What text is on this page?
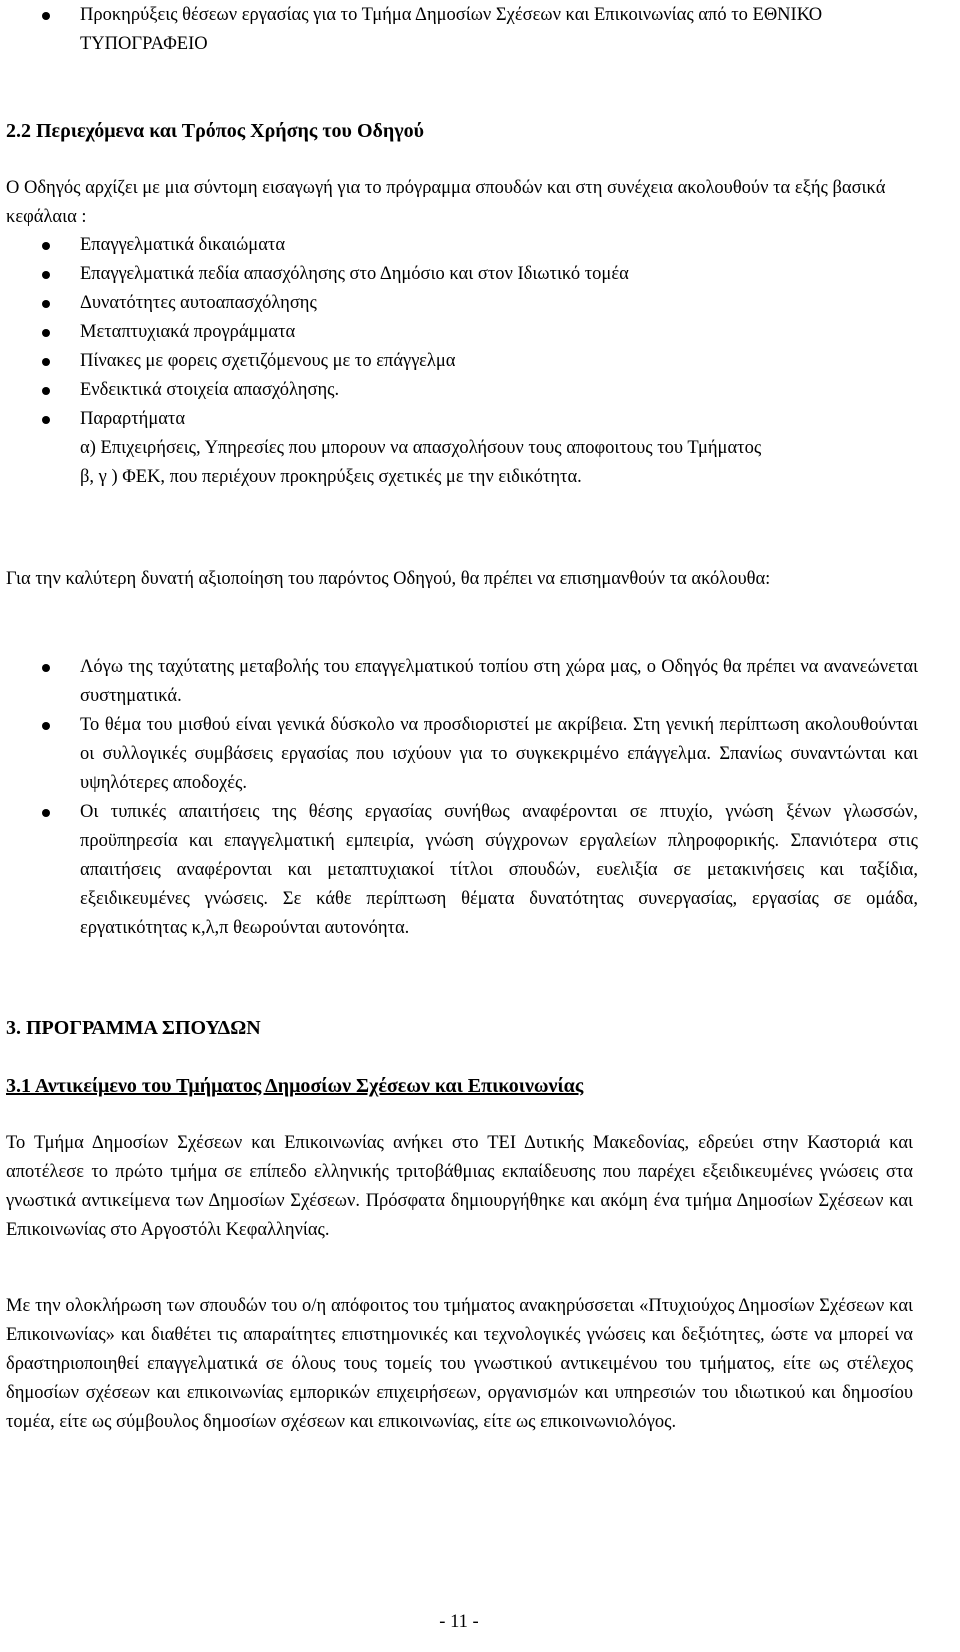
Προκηρύξεις θέσεων εργασίας για το Τμήμα Δημοσίων Σχέσεων και Επικοινωνίας από το ΕΘΝΙΚΟ ΤΥΠΟΓΡΑΦΕΙΟ
2.2 Περιεχόμενα και Τρόπος Χρήσης του Οδηγού

Ο Οδηγός αρχίζει με μια σύντομη εισαγωγή για το πρόγραμμα σπουδών και στη συνέχεια ακολουθούν τα εξής βασικά κεφάλαια :

Επαγγελματικά δικαιώματα
Επαγγελματικά πεδία απασχόλησης στο Δημόσιο και στον Ιδιωτικό τομέα
Δυνατότητες αυτοαπασχόλησης
Μεταπτυχιακά προγράμματα
Πίνακες με φορεις σχετιζόμενους με το επάγγελμα
Ενδεικτικά στοιχεία απασχόλησης.
Παραρτήματα
α) Επιχειρήσεις, Υπηρεσίες που μπορουν να απασχολήσουν τους αποφοιτους του Τμήματος
β, γ ) ΦΕΚ, που περιέχουν προκηρύξεις σχετικές με την ειδικότητα.

Για την καλύτερη δυνατή αξιοποίηση του παρόντος Οδηγού, θα πρέπει να επισημανθούν τα ακόλουθα:

Λόγω της ταχύτατης μεταβολής του επαγγελματικού τοπίου στη χώρα μας, ο Οδηγός θα πρέπει να ανανεώνεται συστηματικά.
Το θέμα του μισθού είναι γενικά δύσκολο να προσδιοριστεί με ακρίβεια. Στη γενική περίπτωση ακολουθούνται οι συλλογικές συμβάσεις εργασίας που ισχύουν για το συγκεκριμένο επάγγελμα. Σπανίως συναντώνται και υψηλότερες αποδοχές.
Οι τυπικές απαιτήσεις της θέσης εργασίας συνήθως αναφέρονται σε πτυχίο, γνώση ξένων γλωσσών, προϋπηρεσία και επαγγελματική εμπειρία, γνώση σύγχρονων εργαλείων πληροφορικής. Σπανιότερα στις απαιτήσεις αναφέρονται και μεταπτυχιακοί τίτλοι σπουδών, ευελιξία σε μετακινήσεις και ταξίδια, εξειδικευμένες γνώσεις. Σε κάθε περίπτωση θέματα δυνατότητας συνεργασίας, εργασίας σε ομάδα, εργατικότητας κ,λ,π θεωρούνται αυτονόητα.
3. ΠΡΟΓΡΑΜΜΑ ΣΠΟΥΔΩΝ
3.1 Αντικείμενο του Τμήματος Δημοσίων Σχέσεων και Επικοινωνίας

Το Τμήμα Δημοσίων Σχέσεων και Επικοινωνίας ανήκει στο ΤΕΙ Δυτικής Μακεδονίας, εδρεύει στην Καστοριά και αποτέλεσε το πρώτο τμήμα σε επίπεδο ελληνικής τριτοβάθμιας εκπαίδευσης που παρέχει εξειδικευμένες γνώσεις στα γνωστικά αντικείμενα των Δημοσίων Σχέσεων. Πρόσφατα δημιουργήθηκε και ακόμη ένα τμήμα Δημοσίων Σχέσεων και Επικοινωνίας στο Αργοστόλι Κεφαλληνίας.

Με την ολοκλήρωση των σπουδών του ο/η απόφοιτος του τμήματος ανακηρύσσεται «Πτυχιούχος Δημοσίων Σχέσεων και Επικοινωνίας» και διαθέτει τις απαραίτητες επιστημονικές και τεχνολογικές γνώσεις και δεξιότητες, ώστε να μπορεί να δραστηριοποιηθεί επαγγελματικά σε όλους τους τομείς του γνωστικού αντικειμένου του τμήματος, είτε ως στέλεχος δημοσίων σχέσεων και επικοινωνίας εμπορικών επιχειρήσεων, οργανισμών και υπηρεσιών του ιδιωτικού και δημοσίου τομέα, είτε ως σύμβουλος δημοσίων σχέσεων και επικοινωνίας, είτε ως επικοινωνιολόγος.

- 11 -
